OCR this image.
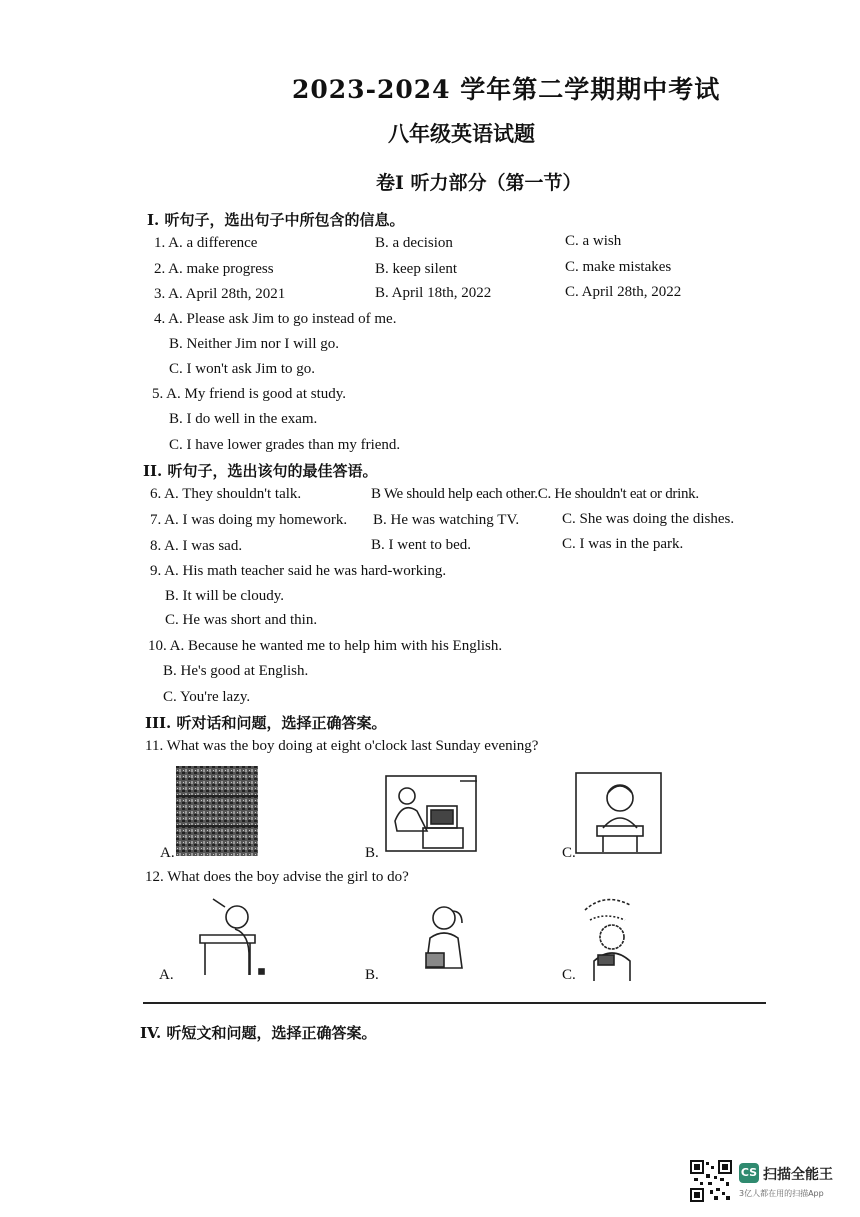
2023-2024 学年第二学期期中考试
八年级英语试题
卷I 听力部分（第一节）
I. 听句子，选出句子中所包含的信息。
1. A. a difference	B. a decision	C. a wish
2. A. make progress	B. keep silent	C. make mistakes
3. A. April 28th, 2021	B. April 18th, 2022	C. April 28th, 2022
4. A. Please ask Jim to go instead of me.
B. Neither Jim nor I will go.
C. I won't ask Jim to go.
5. A. My friend is good at study.
B. I do well in the exam.
C. I have lower grades than my friend.
II. 听句子，选出该句的最佳答语。
6. A. They shouldn't talk.	B We should help each other.C. He shouldn't eat or drink.
7. A. I was doing my homework. B. He was watching TV.	C. She was doing the dishes.
8. A. I was sad.	B. I went to bed.	C. I was in the park.
9. A. His math teacher said he was hard-working.
B. It will be cloudy.
C. He was short and thin.
10. A. Because he wanted me to help him with his English.
B. He's good at English.
C. You're lazy.
III. 听对话和问题，选择正确答案。
11. What was the boy doing at eight o'clock last Sunday evening?
A.	B.	C.
12. What does the boy advise the girl to do?
A.	B.	C.
IV. 听短文和问题，选择正确答案。
CS 扫描全能王
3亿人都在用的扫描App
